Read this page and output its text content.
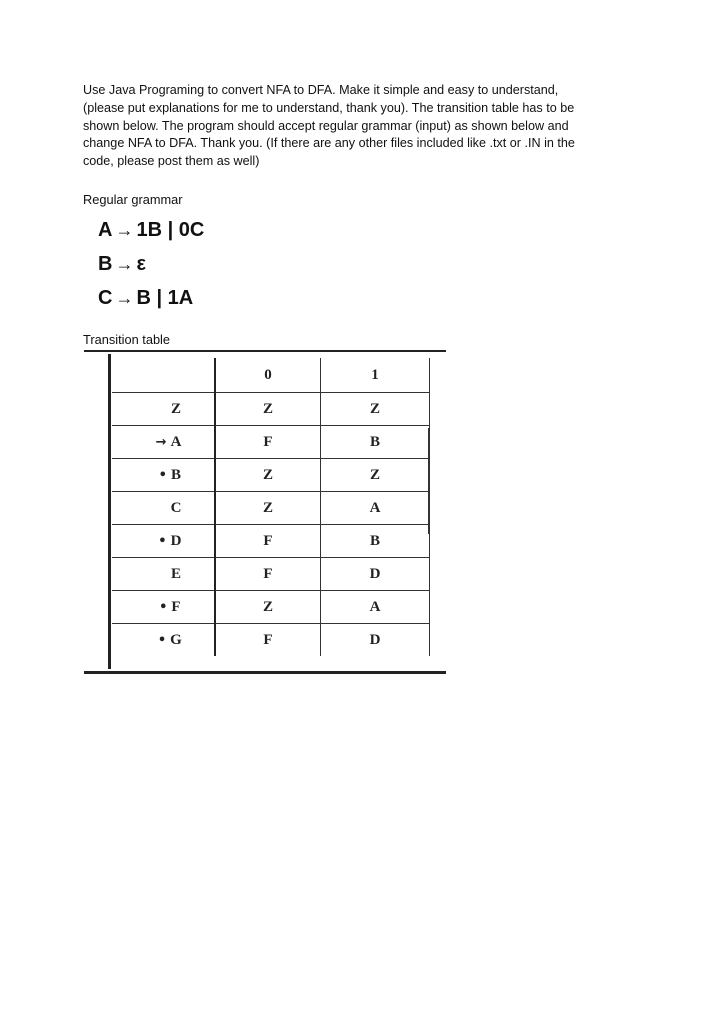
Use Java Programing to convert NFA to DFA. Make it simple and easy to understand,

(please put explanations for me to understand, thank you). The transition table has to be

shown below. The program should accept regular grammar (input) as shown below and

change NFA to DFA. Thank you. (If there are any other files included like .txt or .IN in the

code, please post them as well)

Regular grammar

A → 1B | 0C
B → ε
C → B | 1A

Transition table

	0	1
Z	Z	Z
→ A	F	B
• B	Z	Z
C	Z	A
• D	F	B
E	F	D
• F	Z	A
• G	F	D
